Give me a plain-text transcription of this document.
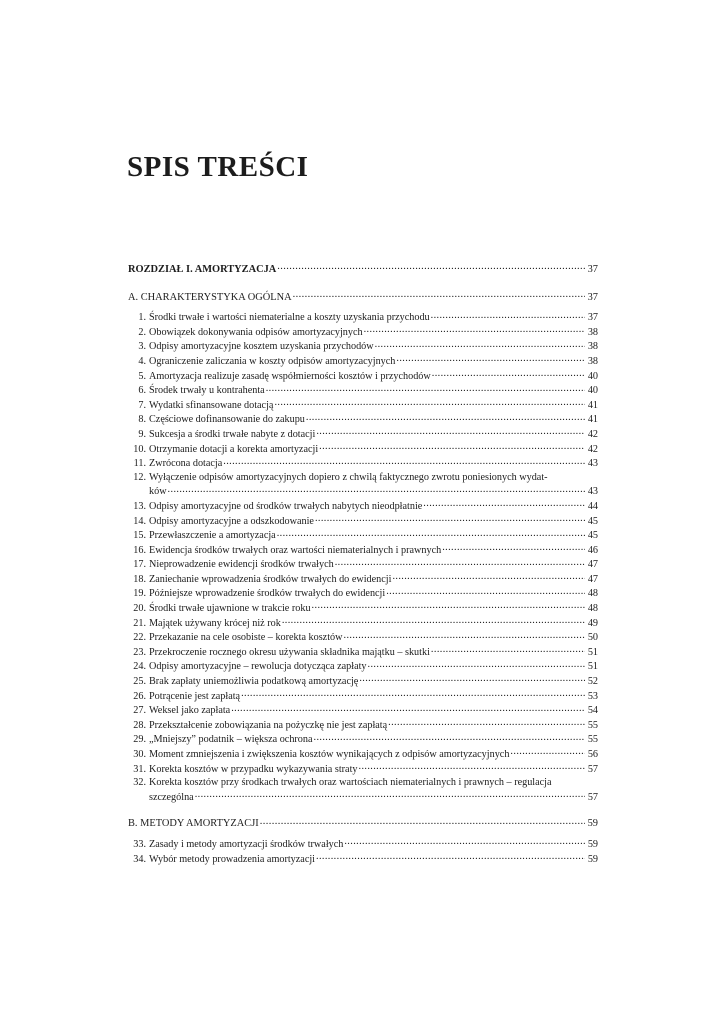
SPIS TREŚCI
ROZDZIAŁ I. AMORTYZACJA .....	37
A. CHARAKTERYSTYKA OGÓLNA .....	37
1. Środki trwałe i wartości niematerialne a koszty uzyskania przychodu .....	37
2. Obowiązek dokonywania odpisów amortyzacyjnych .....	38
3. Odpisy amortyzacyjne kosztem uzyskania przychodów .....	38
4. Ograniczenie zaliczania w koszty odpisów amortyzacyjnych .....	38
5. Amortyzacja realizuje zasadę współmierności kosztów i przychodów .....	40
6. Środek trwały u kontrahenta .....	40
7. Wydatki sfinansowane dotacją .....	41
8. Częściowe dofinansowanie do zakupu .....	41
9. Sukcesja a środki trwałe nabyte z dotacji .....	42
10. Otrzymanie dotacji a korekta amortyzacji .....	42
11. Zwrócona dotacja .....	43
12. Wyłączenie odpisów amortyzacyjnych dopiero z chwilą faktycznego zwrotu poniesionych wydat-
ków .....	43
13. Odpisy amortyzacyjne od środków trwałych nabytych nieodpłatnie .....	44
14. Odpisy amortyzacyjne a odszkodowanie .....	45
15. Przewłaszczenie a amortyzacja .....	45
16. Ewidencja środków trwałych oraz wartości niematerialnych i prawnych .....	46
17. Nieprowadzenie ewidencji środków trwałych .....	47
18. Zaniechanie wprowadzenia środków trwałych do ewidencji .....	47
19. Późniejsze wprowadzenie środków trwałych do ewidencji .....	48
20. Środki trwałe ujawnione w trakcie roku .....	48
21. Majątek używany krócej niż rok .....	49
22. Przekazanie na cele osobiste – korekta kosztów .....	50
23. Przekroczenie rocznego okresu używania składnika majątku – skutki .....	51
24. Odpisy amortyzacyjne – rewolucja dotycząca zapłaty .....	51
25. Brak zapłaty uniemożliwia podatkową amortyzację .....	52
26. Potrącenie jest zapłatą .....	53
27. Weksel jako zapłata .....	54
28. Przekształcenie zobowiązania na pożyczkę nie jest zapłatą .....	55
29. „Mniejszy” podatnik – większa ochrona .....	55
30. Moment zmniejszenia i zwiększenia kosztów wynikających z odpisów amortyzacyjnych .....	56
31. Korekta kosztów w przypadku wykazywania straty .....	57
32. Korekta kosztów przy środkach trwałych oraz wartościach niematerialnych i prawnych – regulacja
szczególna .....	57
B. METODY AMORTYZACJI .....	59
33. Zasady i metody amortyzacji środków trwałych .....	59
34. Wybór metody prowadzenia amortyzacji .....	59
